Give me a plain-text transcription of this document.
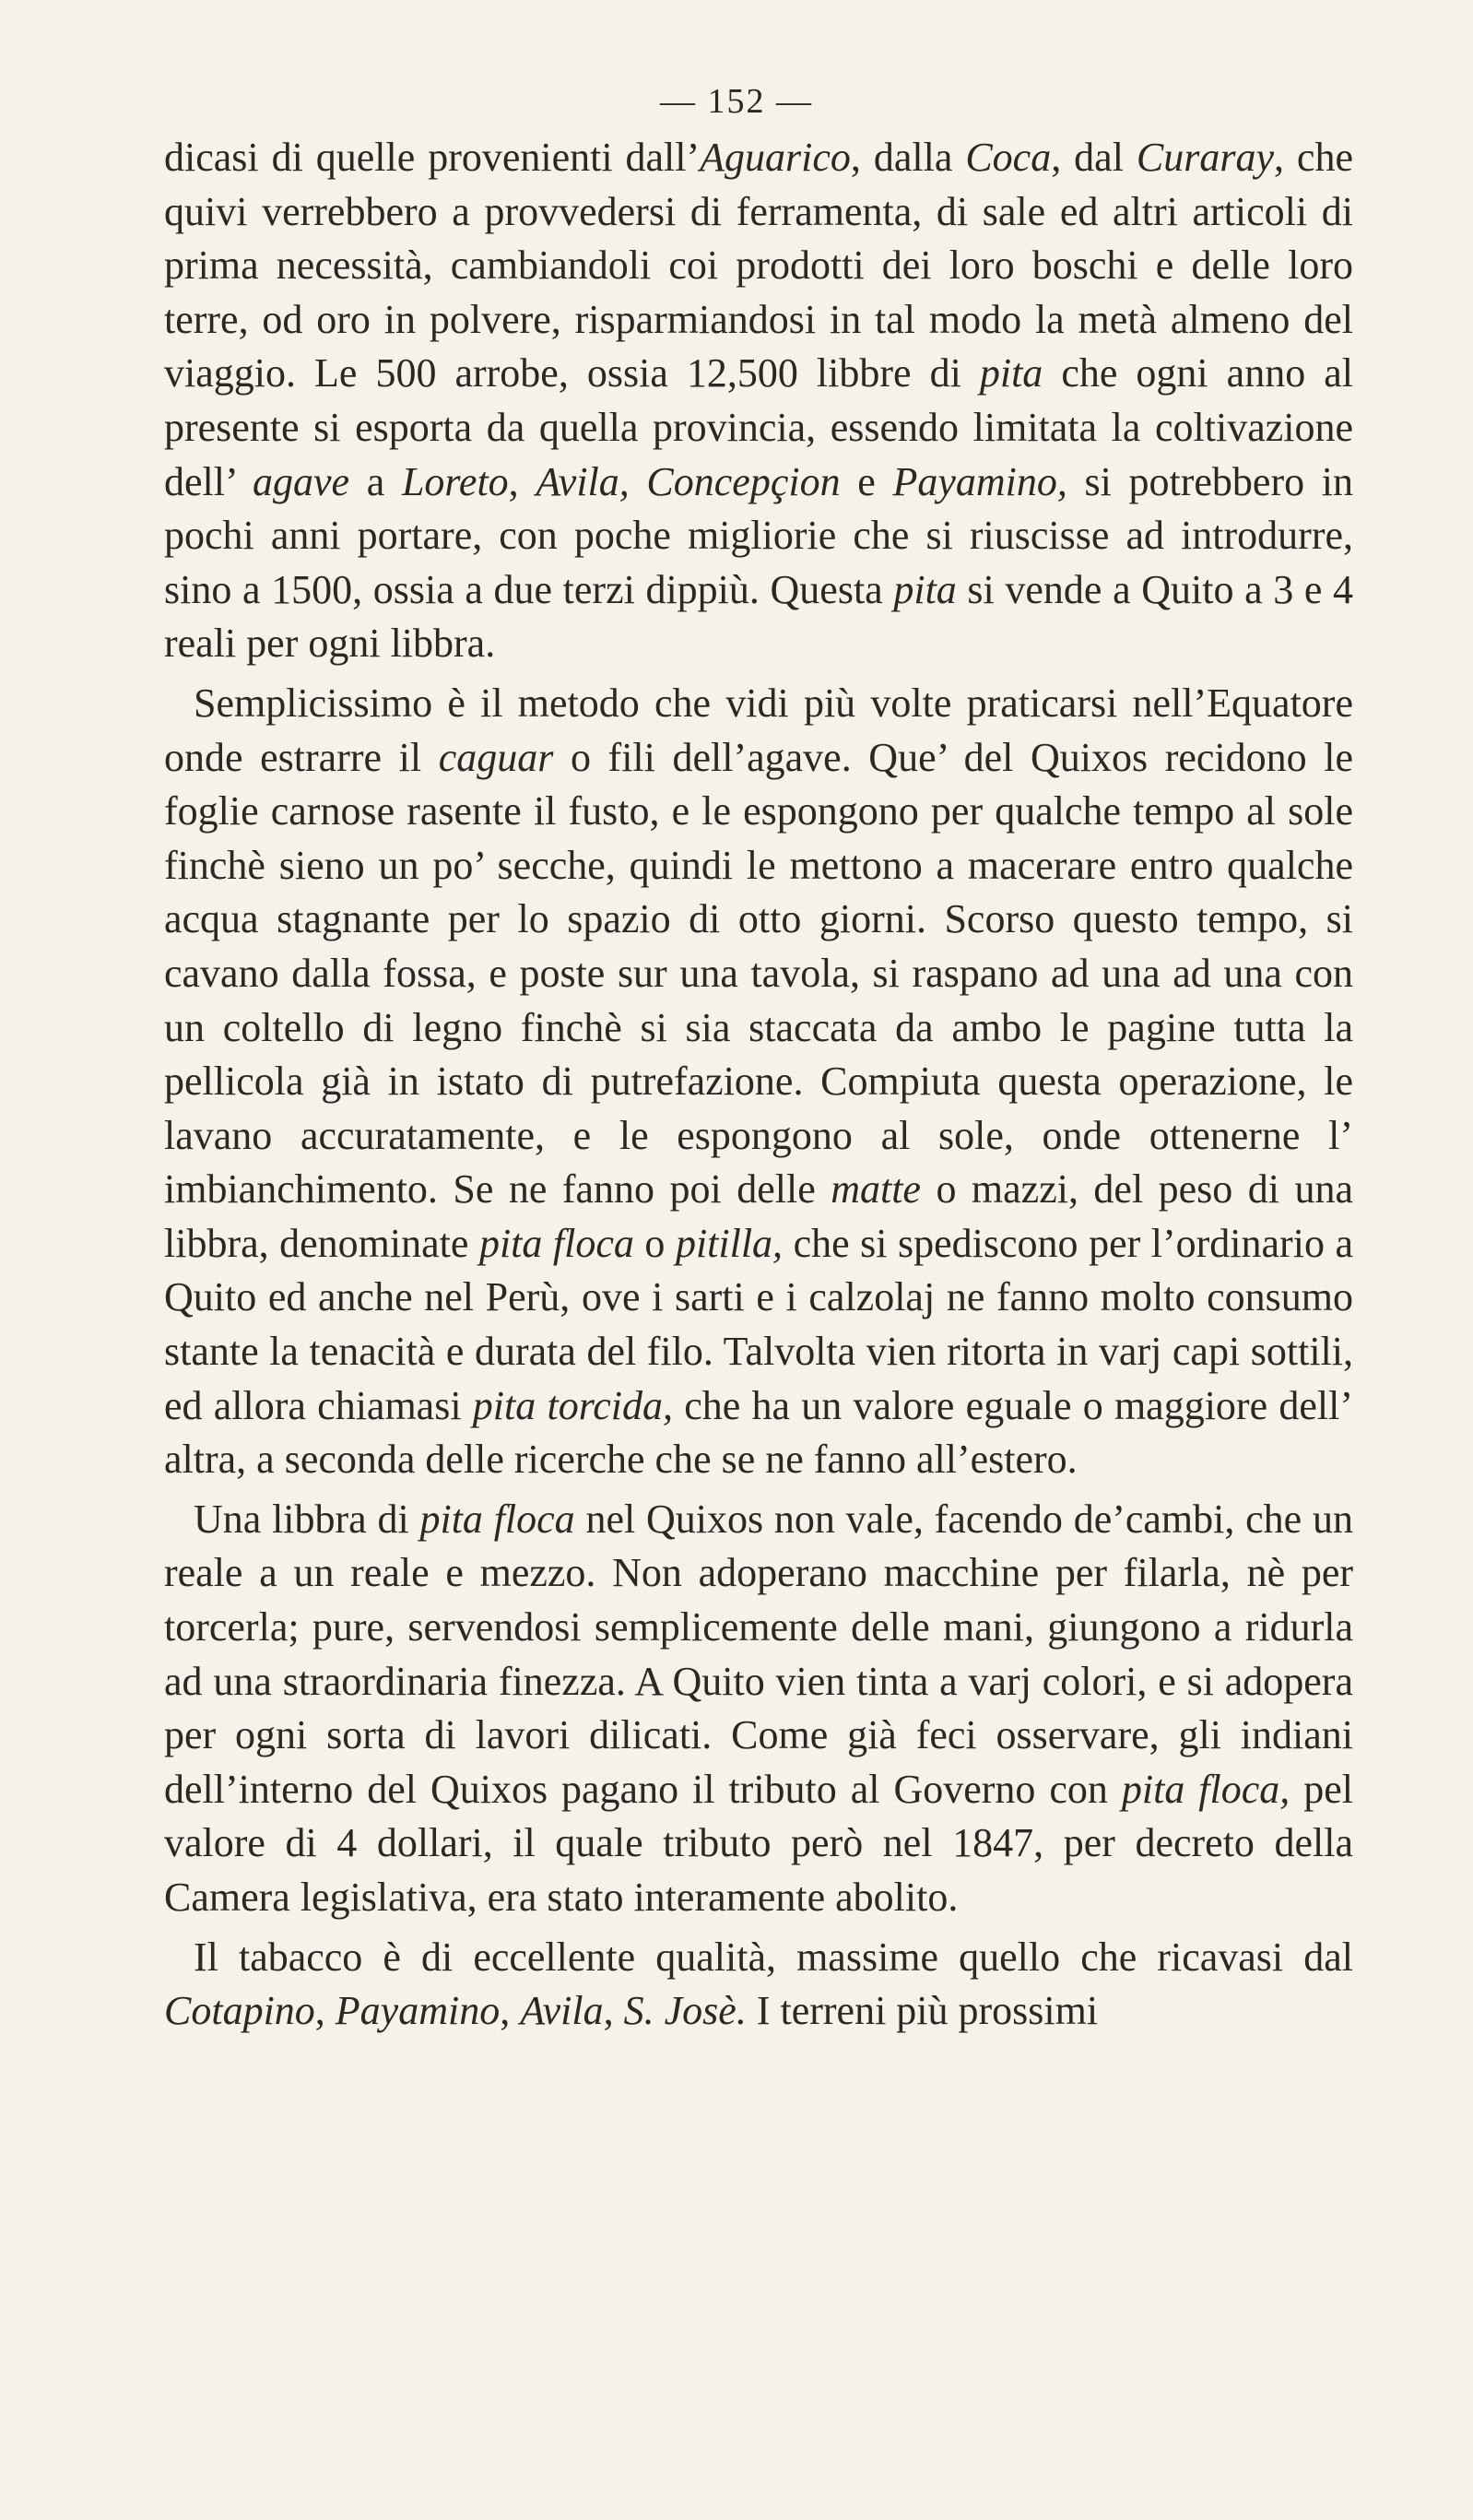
— 152 —

dicasi di quelle provenienti dall’Aguarico, dalla Coca, dal Curaray, che quivi verrebbero a provvedersi di ferramenta, di sale ed altri articoli di prima necessità, cambiandoli coi prodotti dei loro boschi e delle loro terre, od oro in polvere, risparmiandosi in tal modo la metà almeno del viaggio. Le 500 arrobe, ossia 12,500 libbre di pita che ogni anno al presente si esporta da quella provincia, essendo limitata la coltivazione dell’ agave a Loreto, Avila, Concepçion e Payamino, si potrebbero in pochi anni portare, con poche migliorie che si riuscisse ad introdurre, sino a 1500, ossia a due terzi dippiù. Questa pita si vende a Quito a 3 e 4 reali per ogni libbra.

Semplicissimo è il metodo che vidi più volte praticarsi nell’Equatore onde estrarre il caguar o fili dell’agave. Que’ del Quixos recidono le foglie carnose rasente il fusto, e le espongono per qualche tempo al sole finchè sieno un po’ secche, quindi le mettono a macerare entro qualche acqua stagnante per lo spazio di otto giorni. Scorso questo tempo, si cavano dalla fossa, e poste sur una tavola, si raspano ad una ad una con un coltello di legno finchè si sia staccata da ambo le pagine tutta la pellicola già in istato di putrefazione. Compiuta questa operazione, le lavano accuratamente, e le espongono al sole, onde ottenerne l’ imbianchimento. Se ne fanno poi delle matte o mazzi, del peso di una libbra, denominate pita floca o pitilla, che si spediscono per l’ordinario a Quito ed anche nel Perù, ove i sarti e i calzolaj ne fanno molto consumo stante la tenacità e durata del filo. Talvolta vien ritorta in varj capi sottili, ed allora chiamasi pita torcida, che ha un valore eguale o maggiore dell’ altra, a seconda delle ricerche che se ne fanno all’estero.

Una libbra di pita floca nel Quixos non vale, facendo de’cambi, che un reale a un reale e mezzo. Non adoperano macchine per filarla, nè per torcerla; pure, servendosi semplicemente delle mani, giungono a ridurla ad una straordinaria finezza. A Quito vien tinta a varj colori, e si adopera per ogni sorta di lavori dilicati. Come già feci osservare, gli indiani dell’interno del Quixos pagano il tributo al Governo con pita floca, pel valore di 4 dollari, il quale tributo però nel 1847, per decreto della Camera legislativa, era stato interamente abolito.

Il tabacco è di eccellente qualità, massime quello che ricavasi dal Cotapino, Payamino, Avila, S. Josè. I terreni più prossimi
